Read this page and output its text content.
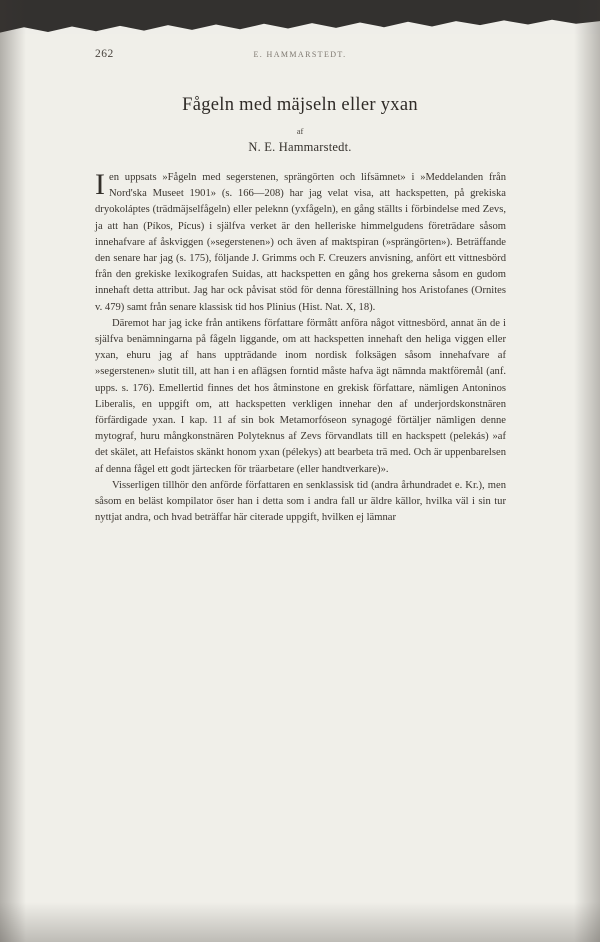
262	E. HAMMARSTEDT.
Fågeln med mäjseln eller yxan
af
N. E. Hammarstedt.

Ien uppsats »Fågeln med segerstenen, sprängörten och lifsämnet» i »Meddelanden från Nord'ska Museet 1901» (s. 166—208) har jag velat visa, att hackspetten, på grekiska dryokoláptes (trädmäjselfågeln) eller peleknn (yxfågeln), en gång ställts i förbindelse med Zevs, ja att han (Píkos, Pícus) i själfva verket är den helleriske himmelgudens företrädare såsom innehafvare af åskviggen (»segerstenen») och även af maktspiran (»sprängörten»). Beträffande den senare har jag (s. 175), följande J. Grimms och F. Creuzers anvisning, anfört ett vittnesbörd från den grekiske lexikografen Suidas, att hackspetten en gång hos grekerna såsom en gudom innehaft detta attribut. Jag har ock påvisat stöd för denna föreställning hos Aristofanes (Ornites v. 479) samt från senare klassisk tid hos Plinius (Hist. Nat. X, 18).

Däremot har jag icke från antikens författare förmått anföra något vittnesbörd, annat än de i själfva benämningarna på fågeln liggande, om att hackspetten innehaft den heliga viggen eller yxan, ehuru jag af hans uppträdande inom nordisk folksägen såsom innehafvare af »segerstenen» slutit till, att han i en aflägsen forntid måste hafva ägt nämnda maktföremål (anf. upps. s. 176). Emellertid finnes det hos åtminstone en grekisk författare, nämligen Antoninos Liberalis, en uppgift om, att hackspetten verkligen innehar den af underjordskonstnären förfärdigade yxan. I kap. 11 af sin bok Metamorfóseon synagogé förtäljer nämligen denne mytograf, huru mångkonstnären Polyteknus af Zevs förvandlats till en hackspett (pelekás) »af det skälet, att Hefaistos skänkt honom yxan (pélekys) att bearbeta trä med. Och är uppenbarelsen af denna fågel ett godt järtecken för träarbetare (eller handtverkare)».

Visserligen tillhör den anförde författaren en senklassisk tid (andra århundradet e. Kr.), men såsom en beläst kompilator öser han i detta som i andra fall ur äldre källor, hvilka väl i sin tur nyttjat andra, och hvad beträffar här citerade uppgift, hvilken ej lämnar
